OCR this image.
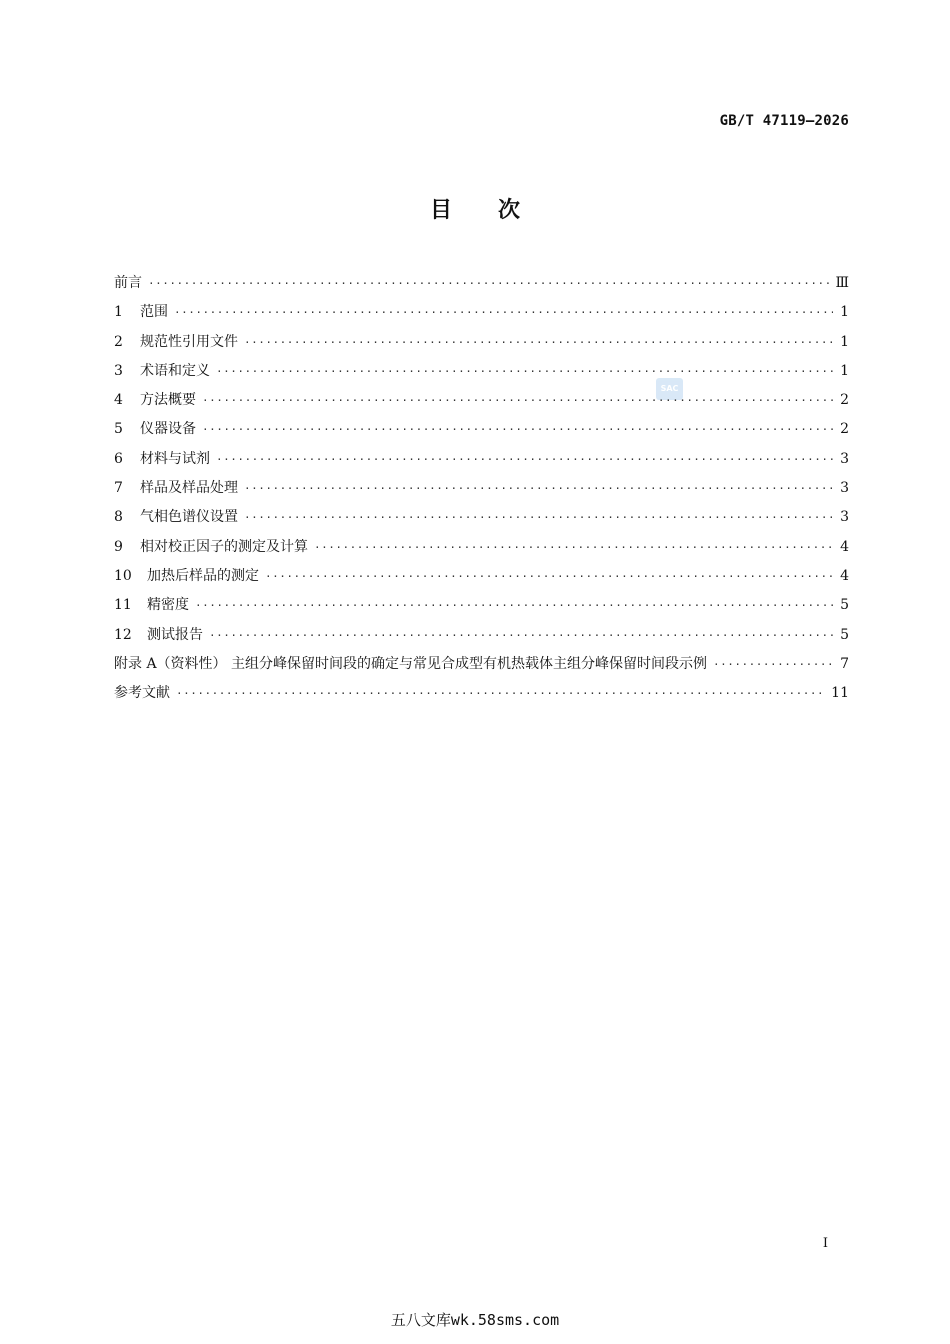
GB/T 47119—2026
目次
SAC
前言 ·····	Ⅲ
1	范围 ·····	1
2	规范性引用文件 ·····	1
3	术语和定义 ·····	1
4	方法概要 ·····	2
5	仪器设备 ·····	2
6	材料与试剂 ·····	3
7	样品及样品处理 ·····	3
8	气相色谱仪设置 ·····	3
9	相对校正因子的测定及计算 ·····	4
10	加热后样品的测定 ·····	4
11	精密度 ·····	5
12	测试报告 ·····	5
附录 A（资料性） 主组分峰保留时间段的确定与常见合成型有机热载体主组分峰保留时间段示例 ·····	7
参考文献 ·····	11
I
五八文库wk.58sms.com
